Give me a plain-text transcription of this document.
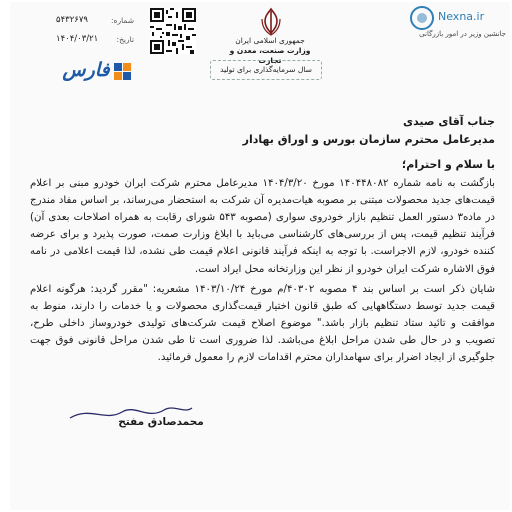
Nexna.ir
جانشین وزیر در امور بازرگانی
جمهوری اسلامی ایران
وزارت صنعت، معدن و تجارت
سال سرمایه‌گذاری برای تولید
شماره:
۵۴۳۲۶۷۹
تاریخ:
۱۴۰۴/۰۳/۲۱
فارس

جناب آقای صیدی

مدیرعامل محترم سازمان بورس و اوراق بهادار

با سلام و احترام؛

بازگشت به نامه شماره ۱۴۰۴۴۸۰۸۲ مورخ ۱۴۰۴/۳/۲۰ مدیرعامل محترم شرکت ایران خودرو مبنی بر اعلام قیمت‌های جدید محصولات مبتنی بر مصوبه هیات‌مدیره آن شرکت به استحضار می‌رساند، بر اساس مفاد مندرج در ماده۳ دستور العمل تنظیم بازار خودروی سواری (مصوبه ۵۴۳ شورای رقابت به همراه اصلاحات بعدی آن) فرآیند تنظیم قیمت، پس از بررسی‌های کارشناسی می‌باید با ابلاغ وزارت صمت، صورت پذیرد و برای عرضه کننده خودرو، لازم الاجراست. با توجه به اینکه فرآیند قانونی اعلام قیمت طی نشده، لذا قیمت اعلامی در نامه فوق الاشاره شرکت ایران خودرو از نظر این وزارتخانه محل ایراد است.

شایان ذکر است بر اساس بند ۴ مصوبه ۴۰۳۰۲/م مورخ ۱۴۰۳/۱۰/۲۴ مشعریه: "مقرر گردید: هرگونه اعلام قیمت جدید توسط دستگاههایی که طبق قانون اختیار قیمت‌گذاری محصولات و یا خدمات را دارند، منوط به موافقت و تائید ستاد تنظیم بازار باشد." موضوع اصلاح قیمت شرکت‌های تولیدی خودروساز داخلی طرح، تصویب و در حال طی شدن مراحل ابلاغ می‌باشد. لذا ضروری است تا طی شدن مراحل قانونی فوق جهت جلوگیری از ایجاد اضرار برای سهامداران محترم اقدامات لازم را معمول فرمائید.

محمدصادق مفتح
